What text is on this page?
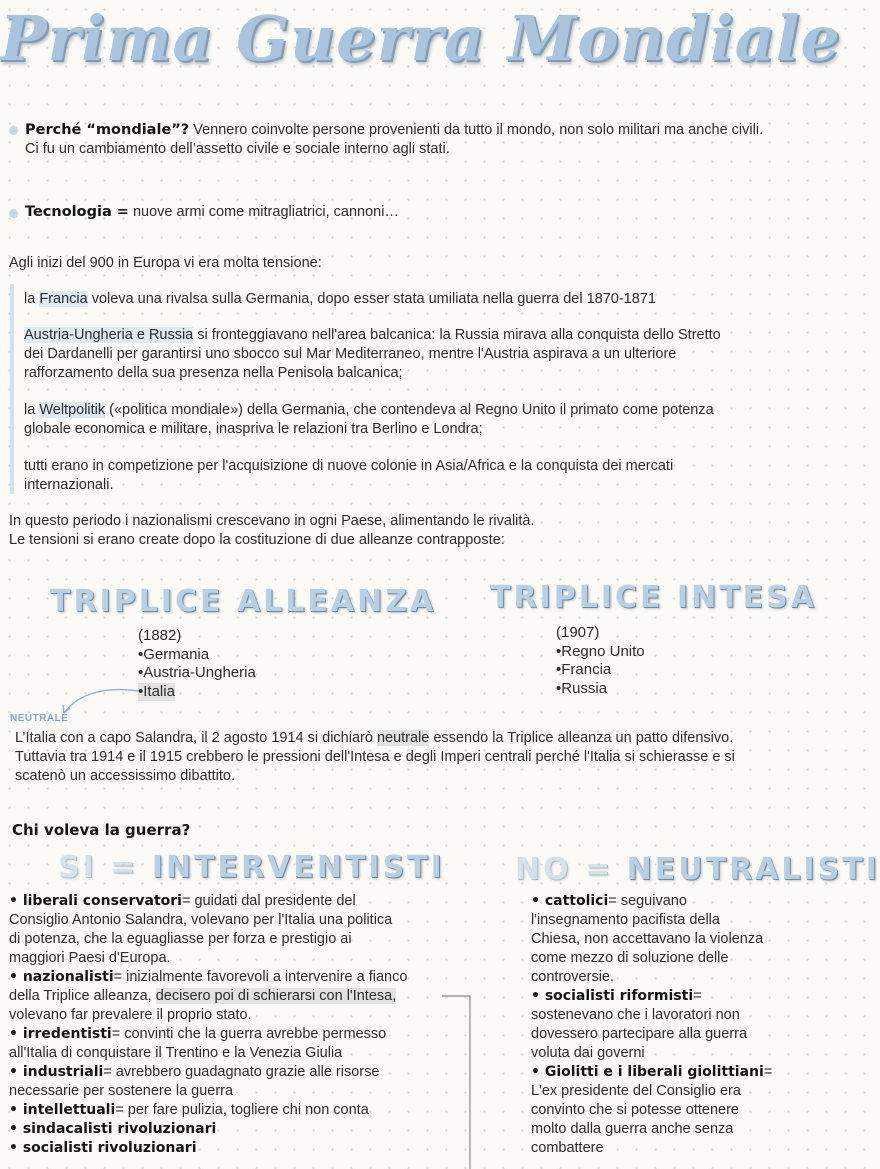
Prima Guerra Mondiale
Perché “mondiale”? Vennero coinvolte persone provenienti da tutto il mondo, non solo militari ma anche civili.
Ci fu un cambiamento dell’assetto civile e sociale interno agli stati.
Tecnologia = nuove armi come mitragliatrici, cannoni…
Agli inizi del 900 in Europa vi era molta tensione:
la Francia voleva una rivalsa sulla Germania, dopo esser stata umiliata nella guerra del 1870-1871
Austria-Ungheria e Russia si fronteggiavano nell'area balcanica: la Russia mirava alla conquista dello Stretto
dei Dardanelli per garantirsi uno sbocco sul Mar Mediterraneo, mentre l'Austria aspirava a un ulteriore
rafforzamento della sua presenza nella Penisola balcanica;
la Weltpolitik («politica mondiale») della Germania, che contendeva al Regno Unito il primato come potenza
globale economica e militare, inaspriva le relazioni tra Berlino e Londra;
tutti erano in competizione per l'acquisizione di nuove colonie in Asia/Africa e la conquista dei mercati
internazionali.
In questo periodo i nazionalismi crescevano in ogni Paese, alimentando le rivalità.
Le tensioni si erano create dopo la costituzione di due alleanze contrapposte:
TRIPLICE ALLEANZA
(1882)
•Germania
•Austria-Ungheria
•Italia
TRIPLICE INTESA
(1907)
•Regno Unito
•Francia
•Russia
NEUTRALE
L’Italia con a capo Salandra, il 2 agosto 1914 si dichiarò neutrale essendo la Triplice alleanza un patto difensivo.
Tuttavia tra 1914 e il 1915 crebbero le pressioni dell'Intesa e degli Imperi centrali perché l'Italia si schierasse e si
scatenò un accessissimo dibattito.
Chi voleva la guerra?
SI = INTERVENTISTI
• liberali conservatori= guidati dal presidente del
Consiglio Antonio Salandra, volevano per l'Italia una politica
di potenza, che la eguagliasse per forza e prestigio ai
maggiori Paesi d'Europa.
• nazionalisti= inizialmente favorevoli a intervenire a fianco
della Triplice alleanza, decisero poi di schierarsi con l'Intesa,
volevano far prevalere il proprio stato.
• irredentisti= convinti che la guerra avrebbe permesso
all'Italia di conquistare il Trentino e la Venezia Giulia
• industriali= avrebbero guadagnato grazie alle risorse
necessarie per sostenere la guerra
• intellettuali= per fare pulizia, togliere chi non conta
• sindacalisti rivoluzionari
• socialisti rivoluzionari
NO = NEUTRALISTI
• cattolici= seguivano
l'insegnamento pacifista della
Chiesa, non accettavano la violenza
come mezzo di soluzione delle
controversie.
• socialisti riformisti=
sostenevano che i lavoratori non
dovessero partecipare alla guerra
voluta dai governi
• Giolitti e i liberali giolittiani=
L'ex presidente del Consiglio era
convinto che si potesse ottenere
molto dalla guerra anche senza
combattere
